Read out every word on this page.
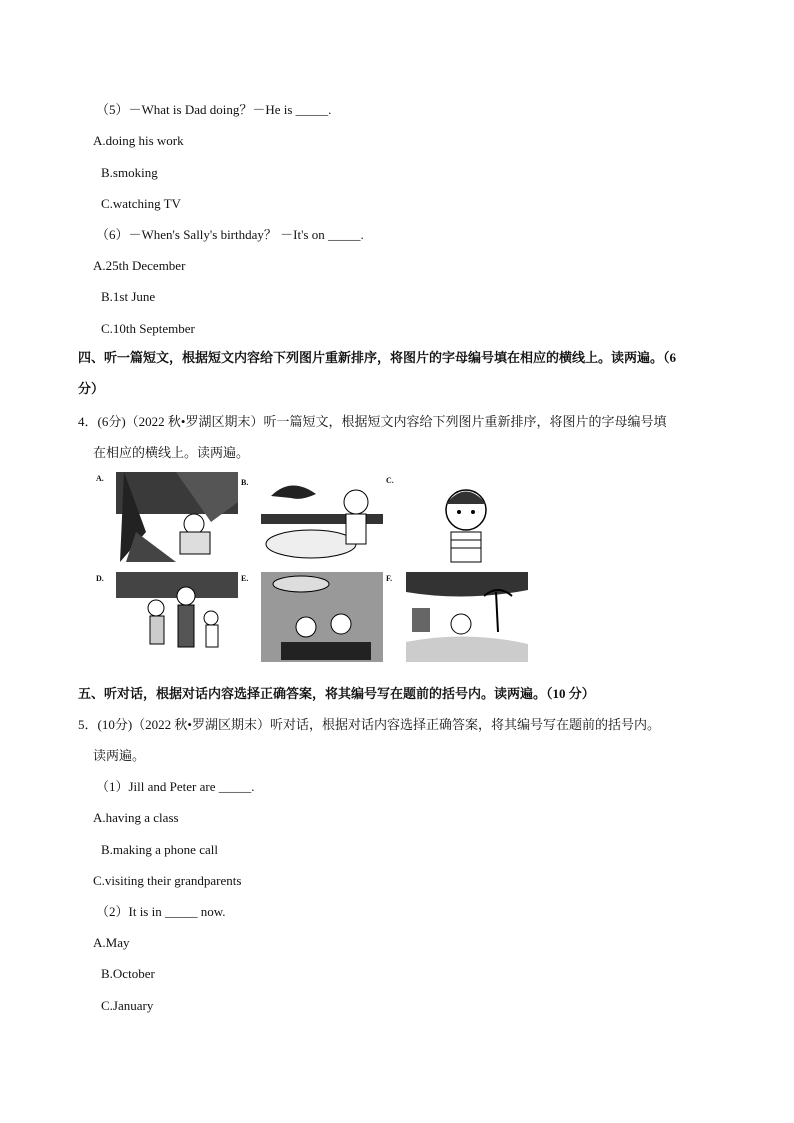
（5）－What is Dad doing？－He is _____.
A.doing his work
B.smoking
C.watching TV
（6）－When's Sally's birthday？ －It's on _____.
A.25th December
B.1st June
C.10th September
四、听一篇短文，根据短文内容给下列图片重新排序，将图片的字母编号填在相应的横线上。读两遍。（6
分）
4．(6分)（2022 秋•罗湖区期末）听一篇短文，根据短文内容给下列图片重新排序，将图片的字母编号填
在相应的横线上。读两遍。
A.	B.	C.
D.	E.	F.
五、听对话，根据对话内容选择正确答案，将其编号写在题前的括号内。读两遍。（10 分）
5．(10分)（2022 秋•罗湖区期末）听对话，根据对话内容选择正确答案，将其编号写在题前的括号内。
读两遍。
（1）Jill and Peter are _____.
A.having a class
B.making a phone call
C.visiting their grandparents
（2）It is in _____ now.
A.May
B.October
C.January
